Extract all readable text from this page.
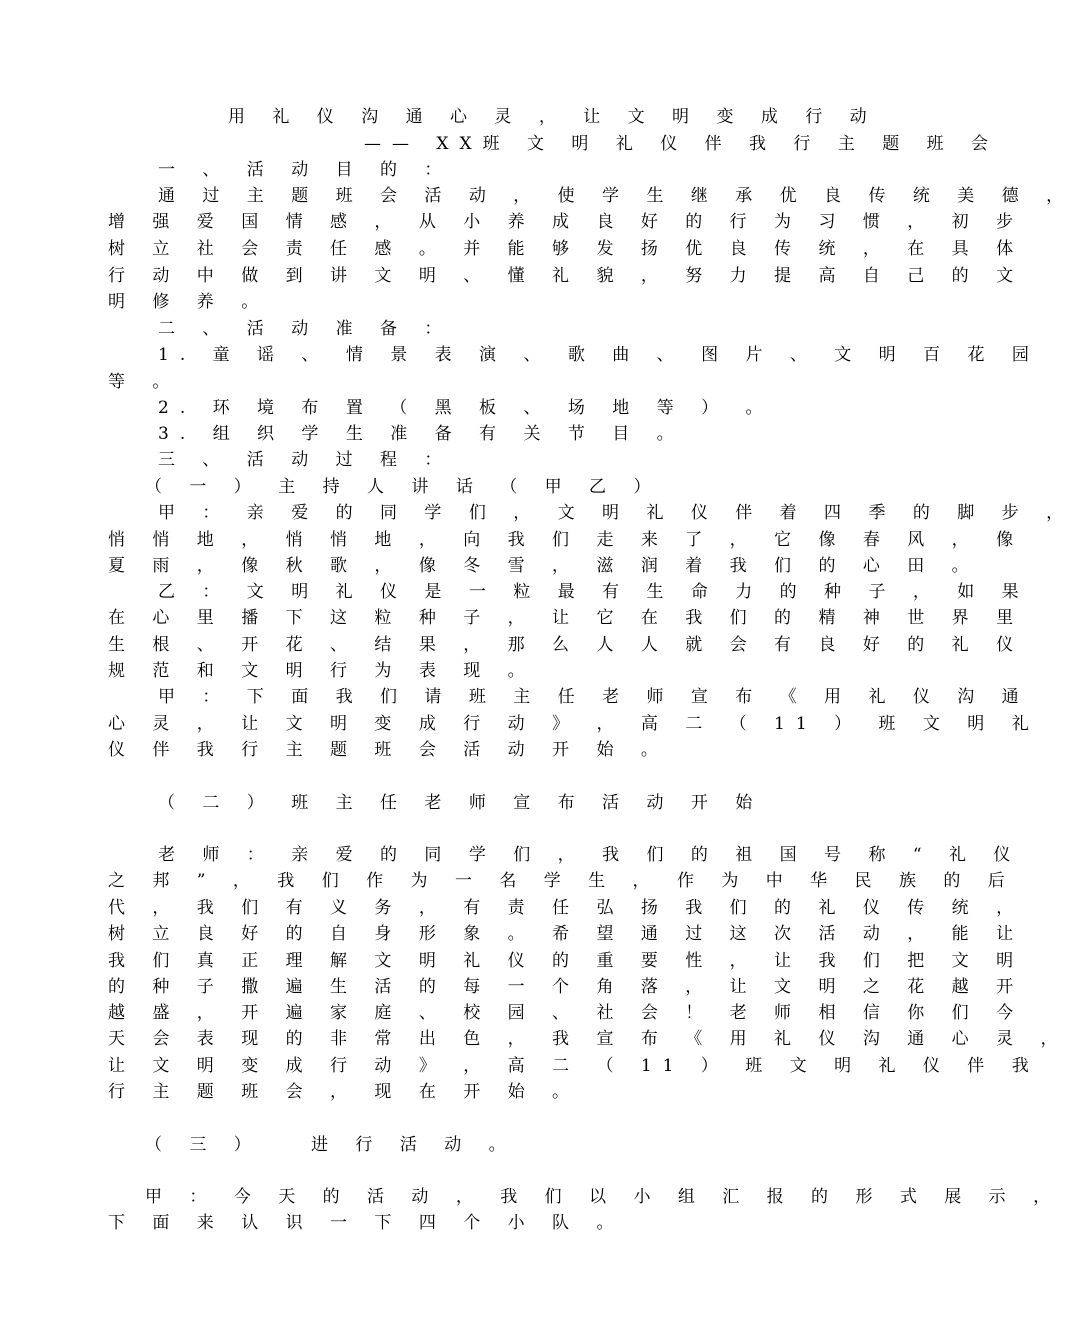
用 礼 仪 沟 通 心 灵 ， 让 文 明 变 成 行 动
—— XX班 文 明 礼 仪 伴 我 行 主 题 班 会
一 、 活 动 目 的 ：
通 过 主 题 班 会 活 动 ， 使 学 生 继 承 优 良 传 统 美 德 ，
增 强 爱 国 情 感 ， 从 小 养 成 良 好 的 行 为 习 惯 ， 初 步
树 立 社 会 责 任 感 。 并 能 够 发 扬 优 良 传 统 ， 在 具 体
行 动 中 做 到 讲 文 明 、 懂 礼 貌 ， 努 力 提 高 自 己 的 文
明 修 养 。
二 、 活 动 准 备 ：
1. 童 谣 、 情 景 表 演 、 歌 曲 、 图 片 、 文 明 百 花 园
等 。
2. 环 境 布 置 （ 黑 板 、 场 地 等 ） 。
3. 组 织 学 生 准 备 有 关 节 目 。
三 、 活 动 过 程 ：
（ 一 ） 主 持 人 讲 话 （ 甲 乙 ）
甲 ： 亲 爱 的 同 学 们 ， 文 明 礼 仪 伴 着 四 季 的 脚 步 ，
悄 悄 地 ， 悄 悄 地 ， 向 我 们 走 来 了 ， 它 像 春 风 ， 像
夏 雨 ， 像 秋 歌 ， 像 冬 雪 ， 滋 润 着 我 们 的 心 田 。
乙 ： 文 明 礼 仪 是 一 粒 最 有 生 命 力 的 种 子 ， 如 果
在 心 里 播 下 这 粒 种 子 ， 让 它 在 我 们 的 精 神 世 界 里
生 根 、 开 花 、 结 果 ， 那 么 人 人 就 会 有 良 好 的 礼 仪
规 范 和 文 明 行 为 表 现 。
甲 ： 下 面 我 们 请 班 主 任 老 师 宣 布 《 用 礼 仪 沟 通
心 灵 ， 让 文 明 变 成 行 动 》 ， 高 二 （ 11 ） 班 文 明 礼
仪 伴 我 行 主 题 班 会 活 动 开 始 。
（ 二 ） 班 主 任 老 师 宣 布 活 动 开 始
老 师 ： 亲 爱 的 同 学 们 ， 我 们 的 祖 国 号 称 “ 礼 仪
之 邦 ” ， 我 们 作 为 一 名 学 生 ， 作 为 中 华 民 族 的 后
代 ， 我 们 有 义 务 ， 有 责 任 弘 扬 我 们 的 礼 仪 传 统 ，
树 立 良 好 的 自 身 形 象 。 希 望 通 过 这 次 活 动 ， 能 让
我 们 真 正 理 解 文 明 礼 仪 的 重 要 性 ， 让 我 们 把 文 明
的 种 子 撒 遍 生 活 的 每 一 个 角 落 ， 让 文 明 之 花 越 开
越 盛 ， 开 遍 家 庭 、 校 园 、 社 会 ！ 老 师 相 信 你 们 今
天 会 表 现 的 非 常 出 色 ， 我 宣 布 《 用 礼 仪 沟 通 心 灵 ，
让 文 明 变 成 行 动 》 ， 高 二 （ 11 ） 班 文 明 礼 仪 伴 我
行 主 题 班 会 ， 现 在 开 始 。
（ 三 ）   进 行 活 动 。
甲 ： 今 天 的 活 动 ， 我 们 以 小 组 汇 报 的 形 式 展 示 ，
下 面 来 认 识 一 下 四 个 小 队 。
